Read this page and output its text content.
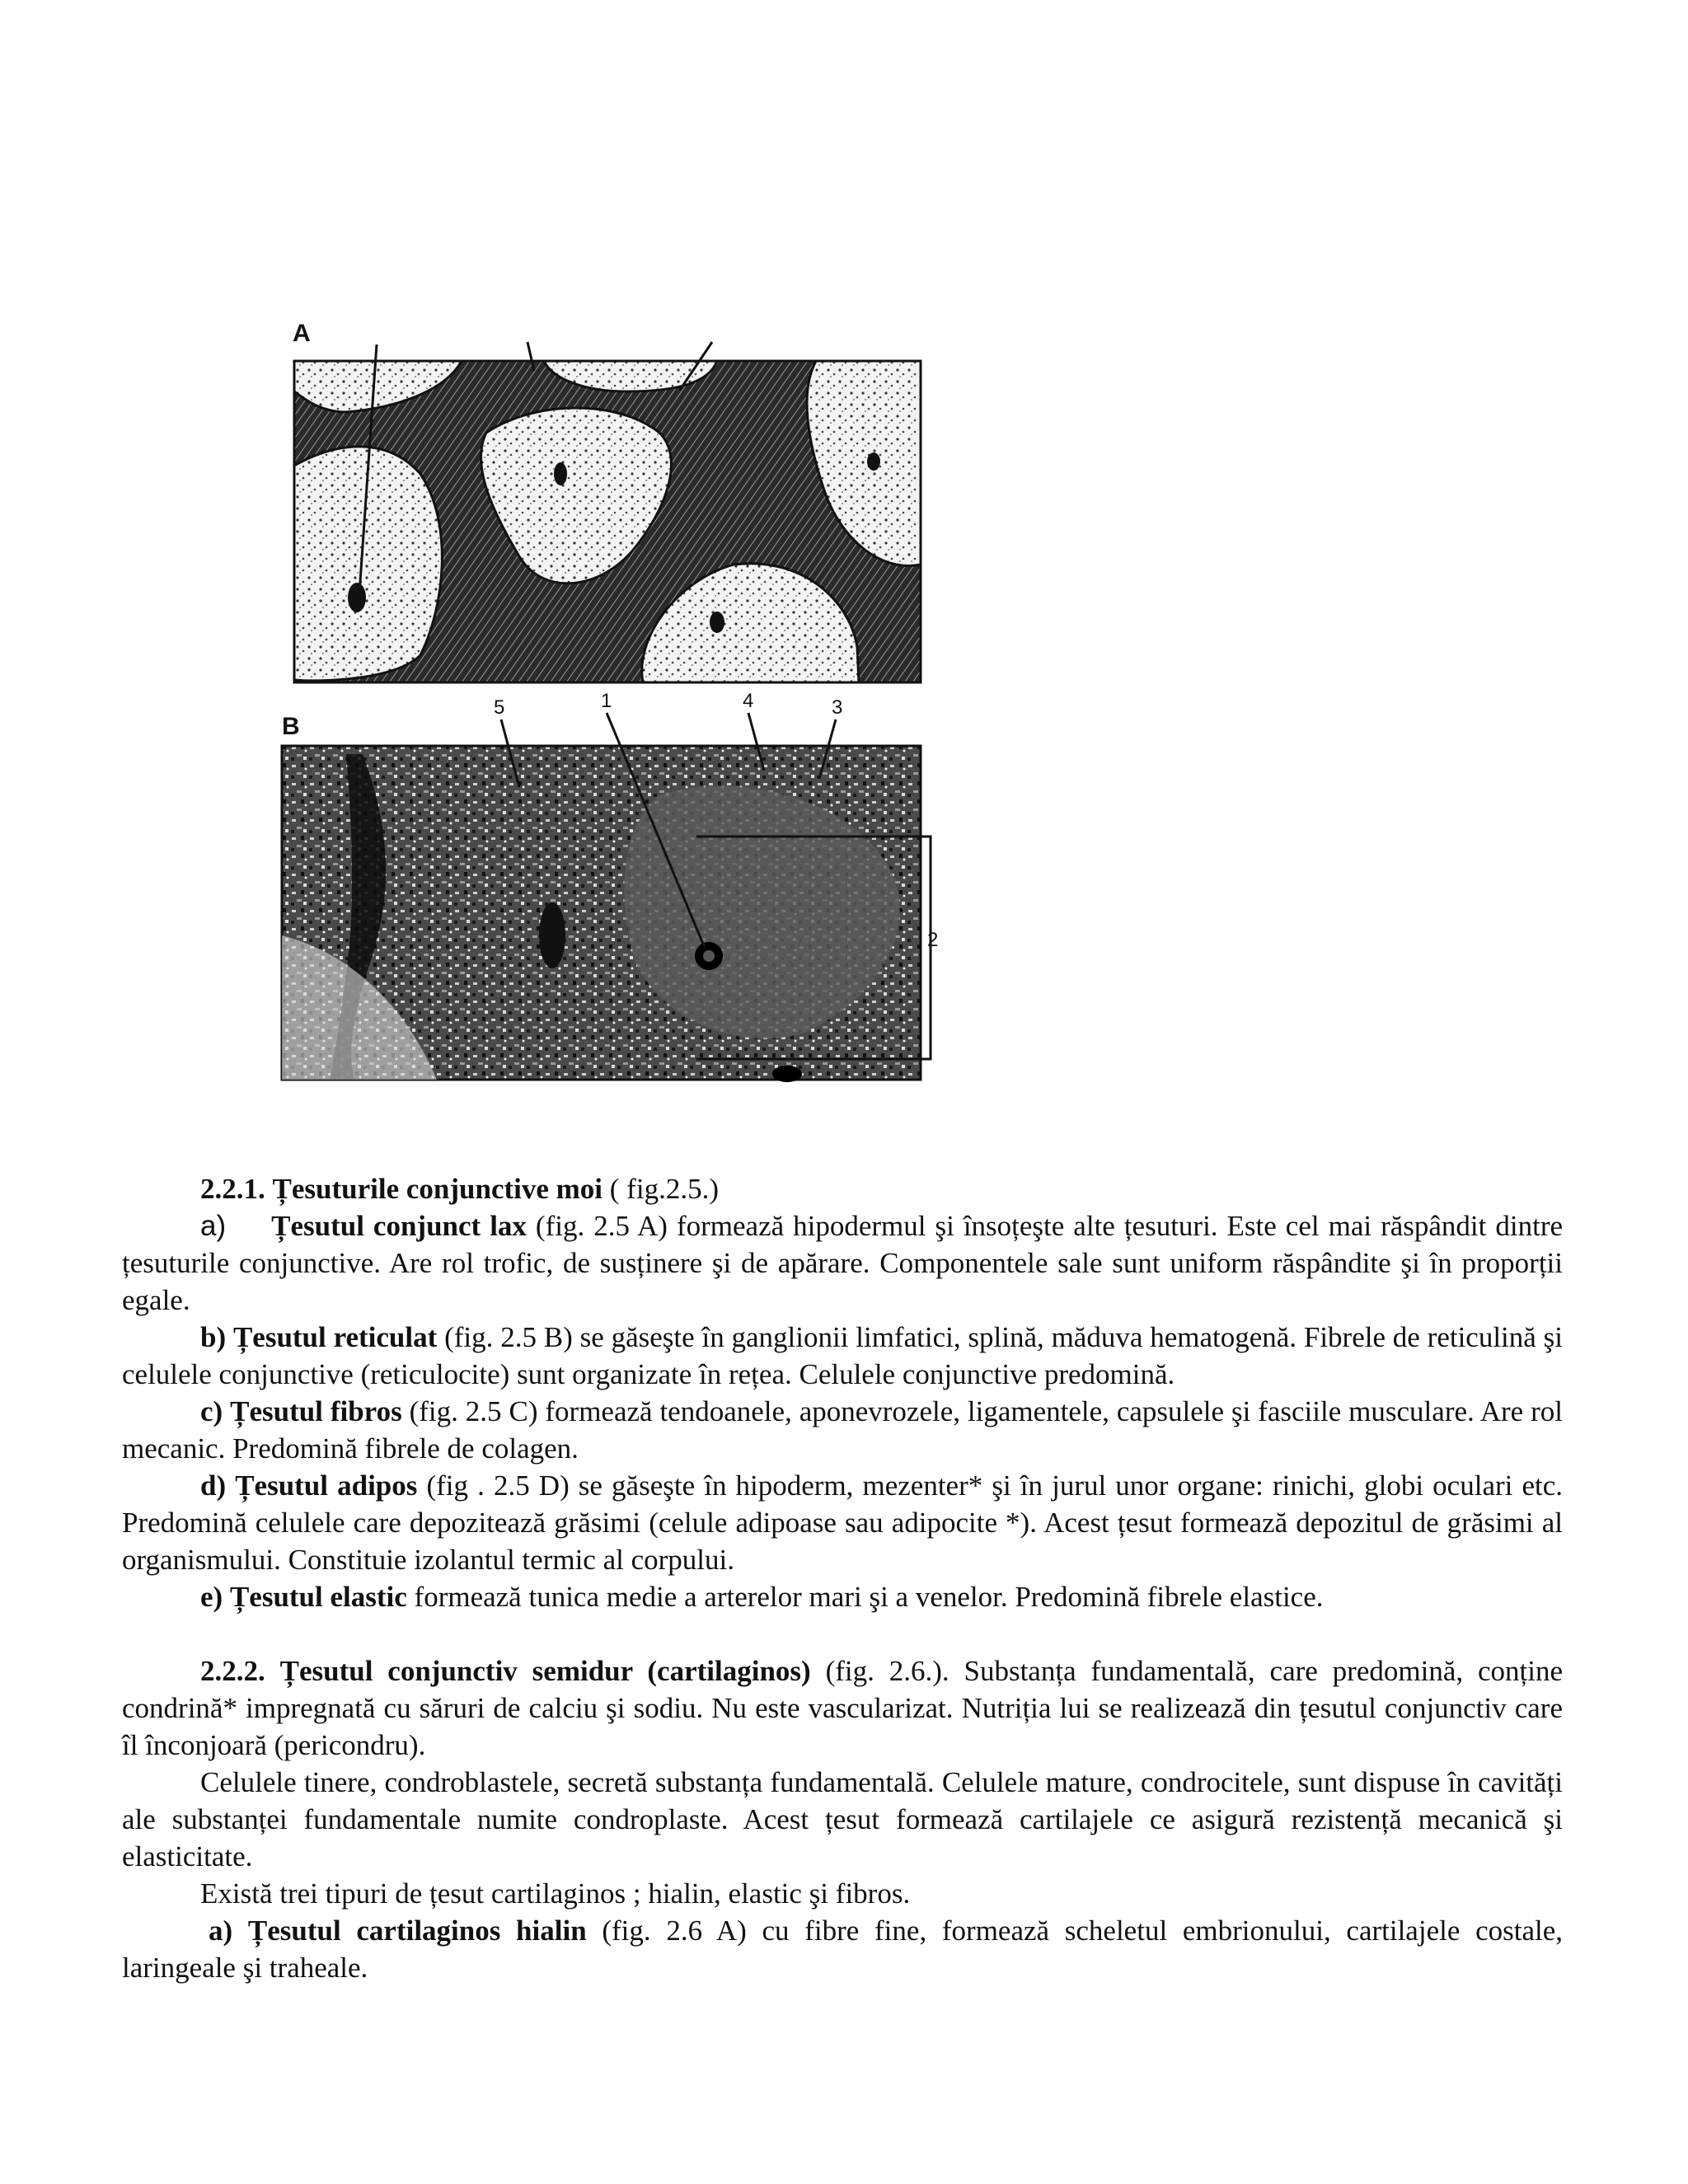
A
B
5	1	4	3
2

2.2.1. Țesuturile conjunctive moi ( fig.2.5.)

a) Țesutul conjunct lax (fig. 2.5 A) formează hipodermul şi însoțeşte alte țesuturi. Este cel mai răspândit dintre țesuturile conjunctive. Are rol trofic, de susținere şi de apărare. Componentele sale sunt uniform răspândite şi în proporții egale.

b) Țesutul reticulat (fig. 2.5 B) se găseşte în ganglionii limfatici, splină, măduva hematogenă. Fibrele de reticulină şi celulele conjunctive (reticulocite) sunt organizate în rețea. Celulele conjunctive predomină.

c) Țesutul fibros (fig. 2.5 C) formează tendoanele, aponevrozele, ligamentele, capsulele şi fasciile musculare. Are rol mecanic. Predomină fibrele de colagen.

d) Țesutul adipos (fig . 2.5 D) se găseşte în hipoderm, mezenter* şi în jurul unor organe: rinichi, globi oculari etc. Predomină celulele care depozitează grăsimi (celule adipoase sau adipocite *). Acest țesut formează depozitul de grăsimi al organismului. Constituie izolantul termic al corpului.

e) Țesutul elastic formează tunica medie a arterelor mari şi a venelor. Predomină fibrele elastice.

2.2.2. Țesutul conjunctiv semidur (cartilaginos) (fig. 2.6.). Substanța fundamentală, care predomină, conține condrină* impregnată cu săruri de calciu şi sodiu. Nu este vascularizat. Nutriția lui se realizează din țesutul conjunctiv care îl înconjoară (pericondru).

Celulele tinere, condroblastele, secretă substanța fundamentală. Celulele mature, condrocitele, sunt dispuse în cavități ale substanței fundamentale numite condroplaste. Acest țesut formează cartilajele ce asigură rezistență mecanică şi elasticitate.

Există trei tipuri de țesut cartilaginos ; hialin, elastic şi fibros.

a) Țesutul cartilaginos hialin (fig. 2.6 A) cu fibre fine, formează scheletul embrionului, cartilajele costale, laringeale şi traheale.
